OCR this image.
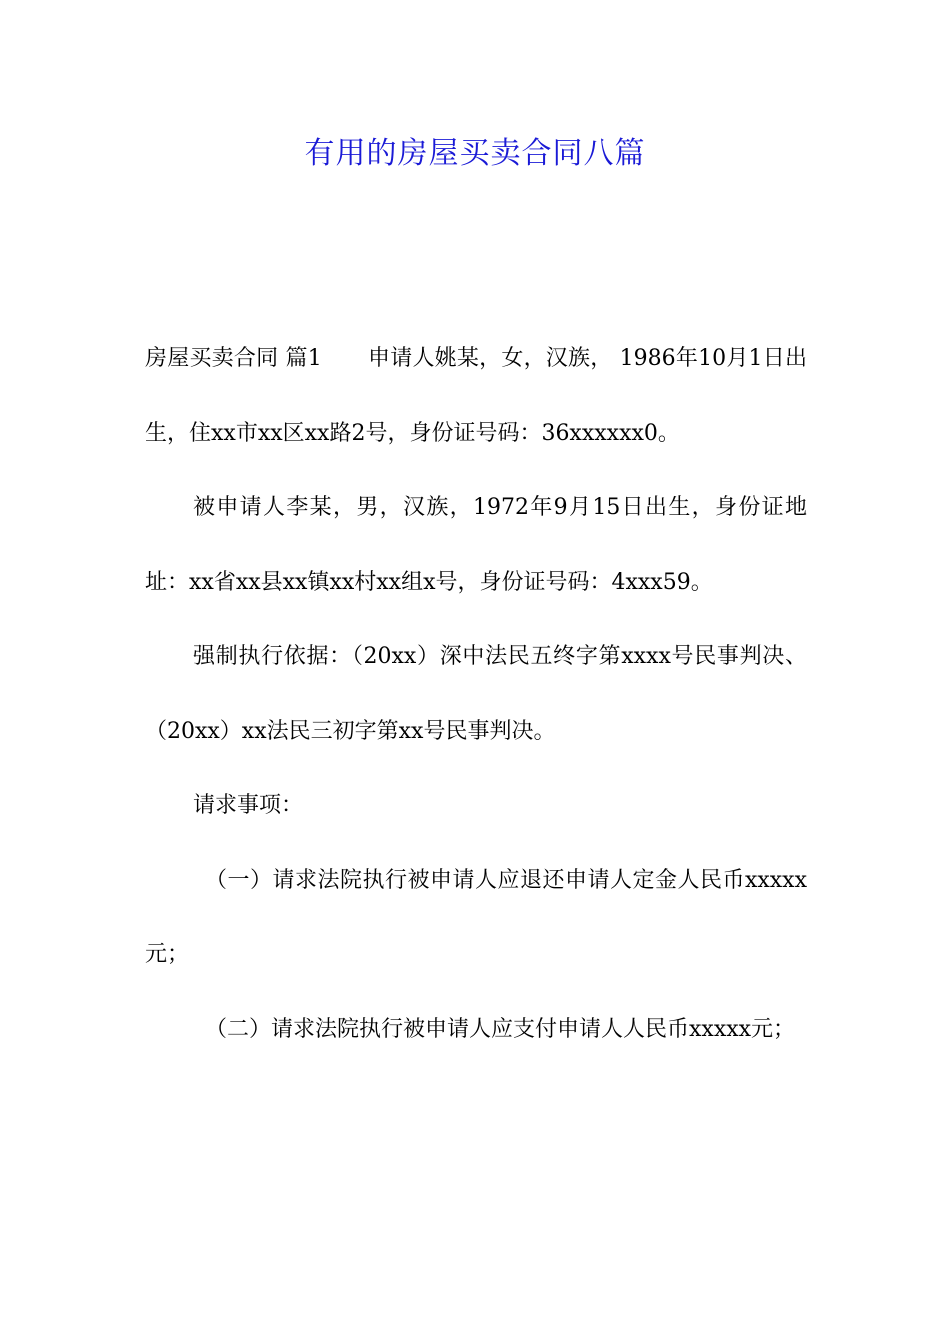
有用的房屋买卖合同八篇

房屋买卖合同 篇1 申请人姚某，女，汉族， 1986年10月1日出生，住xx市xx区xx路2号，身份证号码：36xxxxxx0。

被申请人李某，男，汉族，1972年9月15日出生，身份证地址：xx省xx县xx镇xx村xx组x号，身份证号码：4xxx59。

强制执行依据：（20xx）深中法民五终字第xxxx号民事判决、（20xx）xx法民三初字第xx号民事判决。

请求事项：

（一）请求法院执行被申请人应退还申请人定金人民币xxxxx元；

（二）请求法院执行被申请人应支付申请人人民币xxxxx元；
